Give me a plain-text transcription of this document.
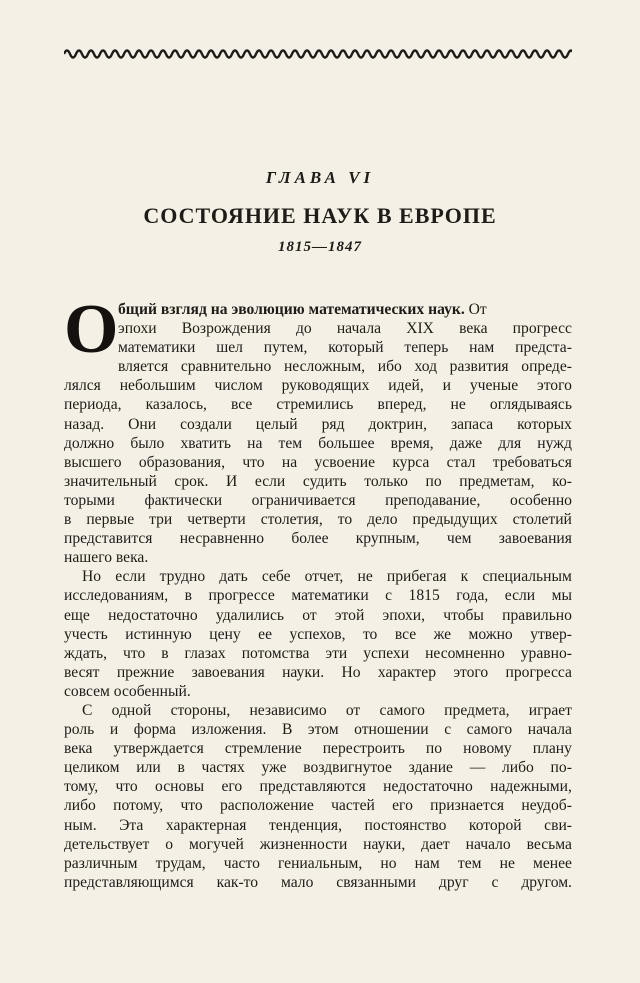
ГЛАВА VI
СОСТОЯНИЕ НАУК В ЕВРОПЕ
1815—1847
О бщий взгляд на эволюцию математических наук. От
эпохи Возрождения до начала XIX века прогресс
математики шел путем, который теперь нам предста-
вляется сравнительно несложным, ибо ход развития опреде-
лялся небольшим числом руководящих идей, и ученые этого
периода, казалось, все стремились вперед, не оглядываясь
назад. Они создали целый ряд доктрин, запаса которых
должно было хватить на тем большее время, даже для нужд
высшего образования, что на усвоение курса стал требоваться
значительный срок. И если судить только по предметам, ко-
торыми фактически ограничивается преподавание, особенно
в первые три четверти столетия, то дело предыдущих столетий
представится несравненно более крупным, чем завоевания
нашего века.
Но если трудно дать себе отчет, не прибегая к специальным
исследованиям, в прогрессе математики с 1815 года, если мы
еще недостаточно удалились от этой эпохи, чтобы правильно
учесть истинную цену ее успехов, то все же можно утвер-
ждать, что в глазах потомства эти успехи несомненно уравно-
весят прежние завоевания науки. Но характер этого прогресса
совсем особенный.
С одной стороны, независимо от самого предмета, играет
роль и форма изложения. В этом отношении с самого начала
века утверждается стремление перестроить по новому плану
целиком или в частях уже воздвигнутое здание — либо по-
тому, что основы его представляются недостаточно надежными,
либо потому, что расположение частей его признается неудоб-
ным. Эта характерная тенденция, постоянство которой сви-
детельствует о могучей жизненности науки, дает начало весьма
различным трудам, часто гениальным, но нам тем не менее
представляющимся как-то мало связанными друг с другом.
